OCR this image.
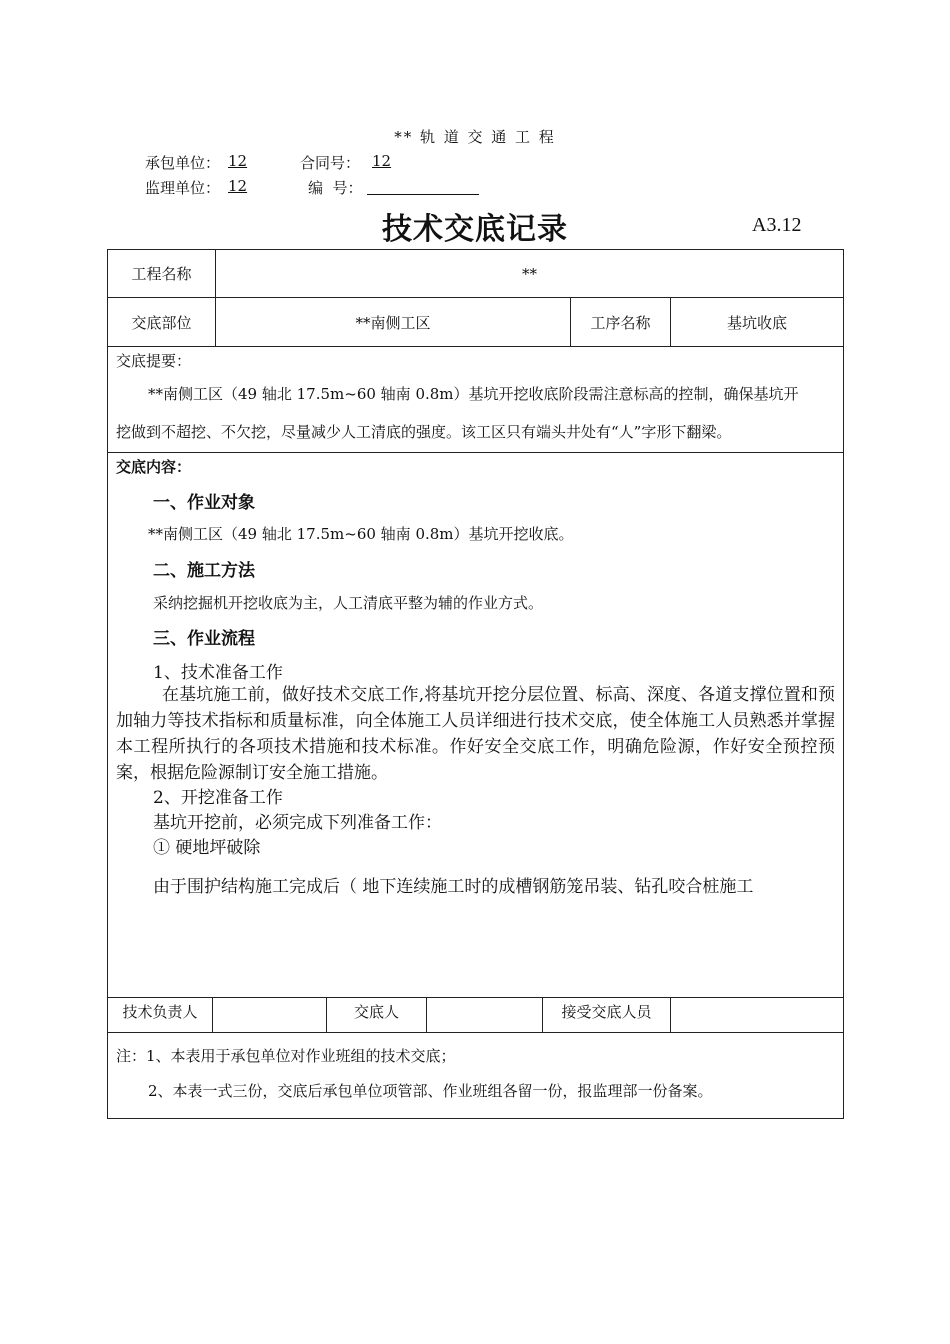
** 轨 道 交 通 工 程
承包单位： 12	合同号： 12
监理单位： 12	编  号：
技术交底记录	A3.12
工程名称	**
交底部位	**南侧工区	工序名称	基坑收底
交底提要：
**南侧工区（49 轴北 17.5m~60 轴南 0.8m）基坑开挖收底阶段需注意标高的控制，确保基坑开
挖做到不超挖、不欠挖，尽量减少人工清底的强度。该工区只有端头井处有“人”字形下翻梁。
交底内容：
一、作业对象
**南侧工区（49 轴北 17.5m~60 轴南 0.8m）基坑开挖收底。
二、施工方法
采纳挖掘机开挖收底为主，人工清底平整为辅的作业方式。
三、作业流程
1、技术准备工作
在基坑施工前，做好技术交底工作,将基坑开挖分层位置、标高、深度、各道支撑位置和预加轴力等技术指标和质量标准，向全体施工人员详细进行技术交底，使全体施工人员熟悉并掌握本工程所执行的各项技术措施和技术标准。作好安全交底工作，明确危险源，作好安全预控预案，根据危险源制订安全施工措施。
2、开挖准备工作
基坑开挖前，必须完成下列准备工作：
① 硬地坪破除
由于围护结构施工完成后（ 地下连续施工时的成槽钢筋笼吊装、钻孔咬合桩施工
技术负责人	交底人	接受交底人员
注：1、本表用于承包单位对作业班组的技术交底；
2、本表一式三份，交底后承包单位项管部、作业班组各留一份，报监理部一份备案。
